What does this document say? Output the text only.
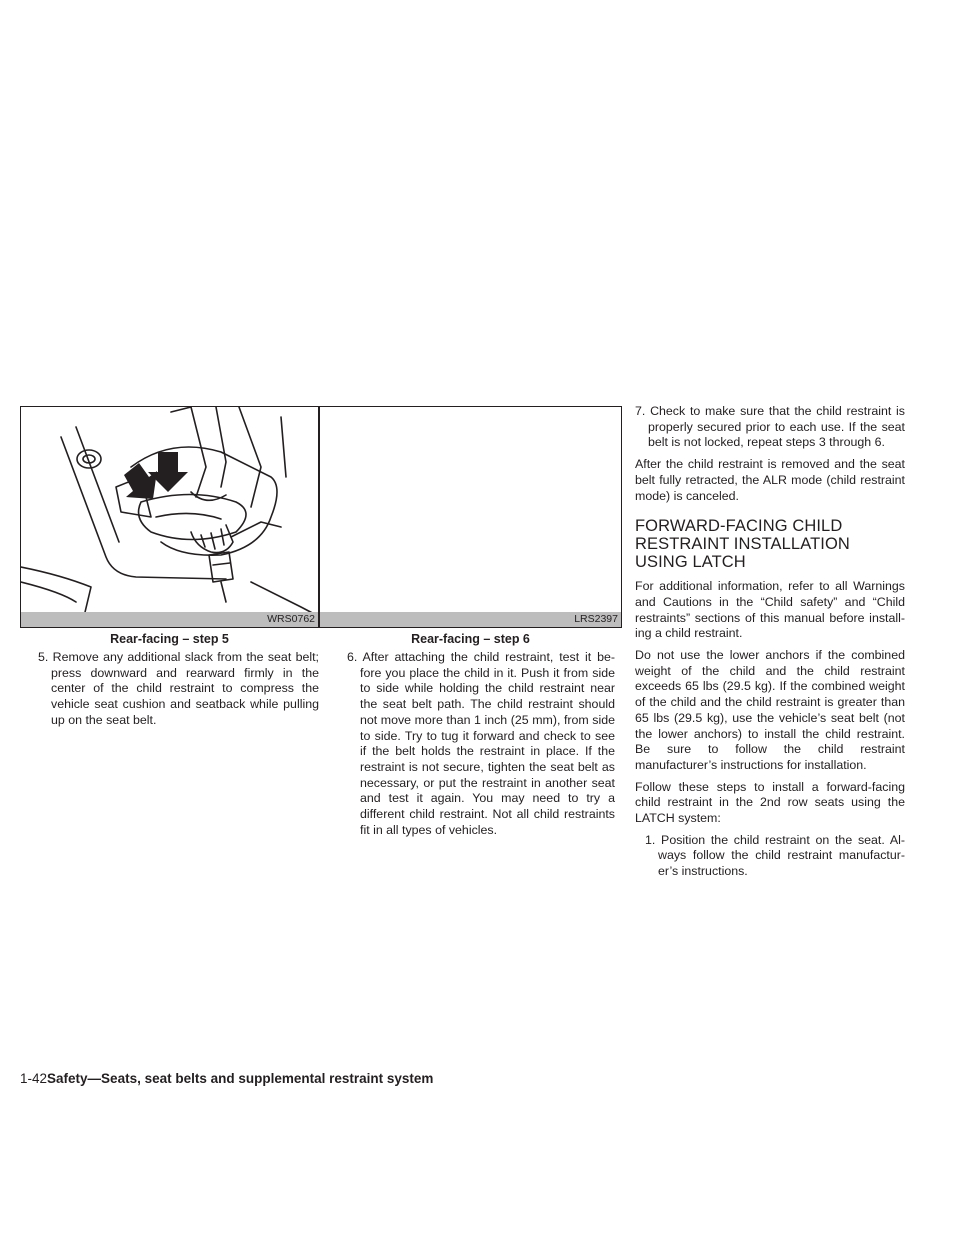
WRS0762
Rear-facing – step 5
LRS2397
Rear-facing – step 6

5. Remove any additional slack from the seat belt; press downward and rearward firmly in the center of the child restraint to compress the vehicle seat cushion and seatback while pulling up on the seat belt.

6. After attaching the child restraint, test it be-fore you place the child in it. Push it from side to side while holding the child restraint near the seat belt path. The child restraint should not move more than 1 inch (25 mm), from side to side. Try to tug it forward and check to see if the belt holds the restraint in place. If the restraint is not secure, tighten the seat belt as necessary, or put the restraint in another seat and test it again. You may need to try a different child restraint. Not all child restraints fit in all types of vehicles.

7. Check to make sure that the child restraint is properly secured prior to each use. If the seat belt is not locked, repeat steps 3 through 6.

After the child restraint is removed and the seat belt fully retracted, the ALR mode (child restraint mode) is canceled.

FORWARD-FACING CHILD RESTRAINT INSTALLATION USING LATCH

For additional information, refer to all Warnings and Cautions in the “Child safety” and “Child restraints” sections of this manual before install-ing a child restraint.

Do not use the lower anchors if the combined weight of the child and the child restraint exceeds 65 lbs (29.5 kg). If the combined weight of the child and the child restraint is greater than 65 lbs (29.5 kg), use the vehicle’s seat belt (not the lower anchors) to install the child restraint. Be sure to follow the child restraint manufacturer’s instructions for installation.

Follow these steps to install a forward-facing child restraint in the 2nd row seats using the LATCH system:

1. Position the child restraint on the seat. Al-ways follow the child restraint manufactur-er’s instructions.

1-42Safety—Seats, seat belts and supplemental restraint system
